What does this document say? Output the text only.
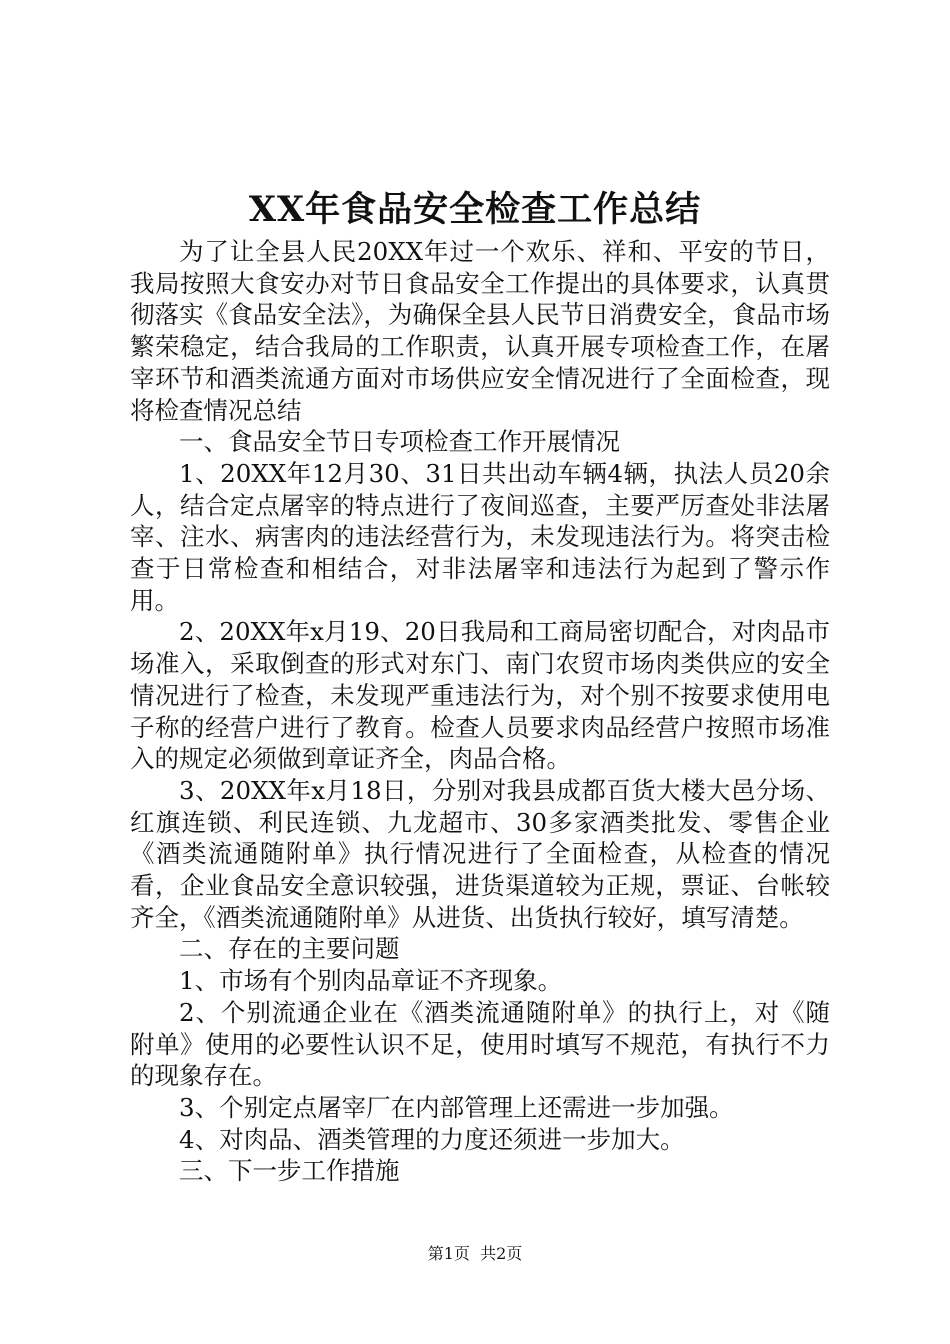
XX年食品安全检查工作总结

为了让全县人民20XX年过一个欢乐、祥和、平安的节日，我局按照大食安办对节日食品安全工作提出的具体要求，认真贯彻落实《食品安全法》，为确保全县人民节日消费安全，食品市场繁荣稳定，结合我局的工作职责，认真开展专项检查工作，在屠宰环节和酒类流通方面对市场供应安全情况进行了全面检查，现将检查情况总结

一、食品安全节日专项检查工作开展情况

1、20XX年12月30、31日共出动车辆4辆，执法人员20余人，结合定点屠宰的特点进行了夜间巡查，主要严厉查处非法屠宰、注水、病害肉的违法经营行为，未发现违法行为。将突击检查于日常检查和相结合，对非法屠宰和违法行为起到了警示作用。

2、20XX年x月19、20日我局和工商局密切配合，对肉品市场准入，采取倒查的形式对东门、南门农贸市场肉类供应的安全情况进行了检查，未发现严重违法行为，对个别不按要求使用电子称的经营户进行了教育。检查人员要求肉品经营户按照市场准入的规定必须做到章证齐全，肉品合格。

3、20XX年x月18日，分别对我县成都百货大楼大邑分场、红旗连锁、利民连锁、九龙超市、30多家酒类批发、零售企业《酒类流通随附单》执行情况进行了全面检查，从检查的情况看，企业食品安全意识较强，进货渠道较为正规，票证、台帐较齐全，《酒类流通随附单》从进货、出货执行较好，填写清楚。

二、存在的主要问题

1、市场有个别肉品章证不齐现象。

2、个别流通企业在《酒类流通随附单》的执行上，对《随附单》使用的必要性认识不足，使用时填写不规范，有执行不力的现象存在。

3、个别定点屠宰厂在内部管理上还需进一步加强。

4、对肉品、酒类管理的力度还须进一步加大。

三、下一步工作措施

第1页  共2页
